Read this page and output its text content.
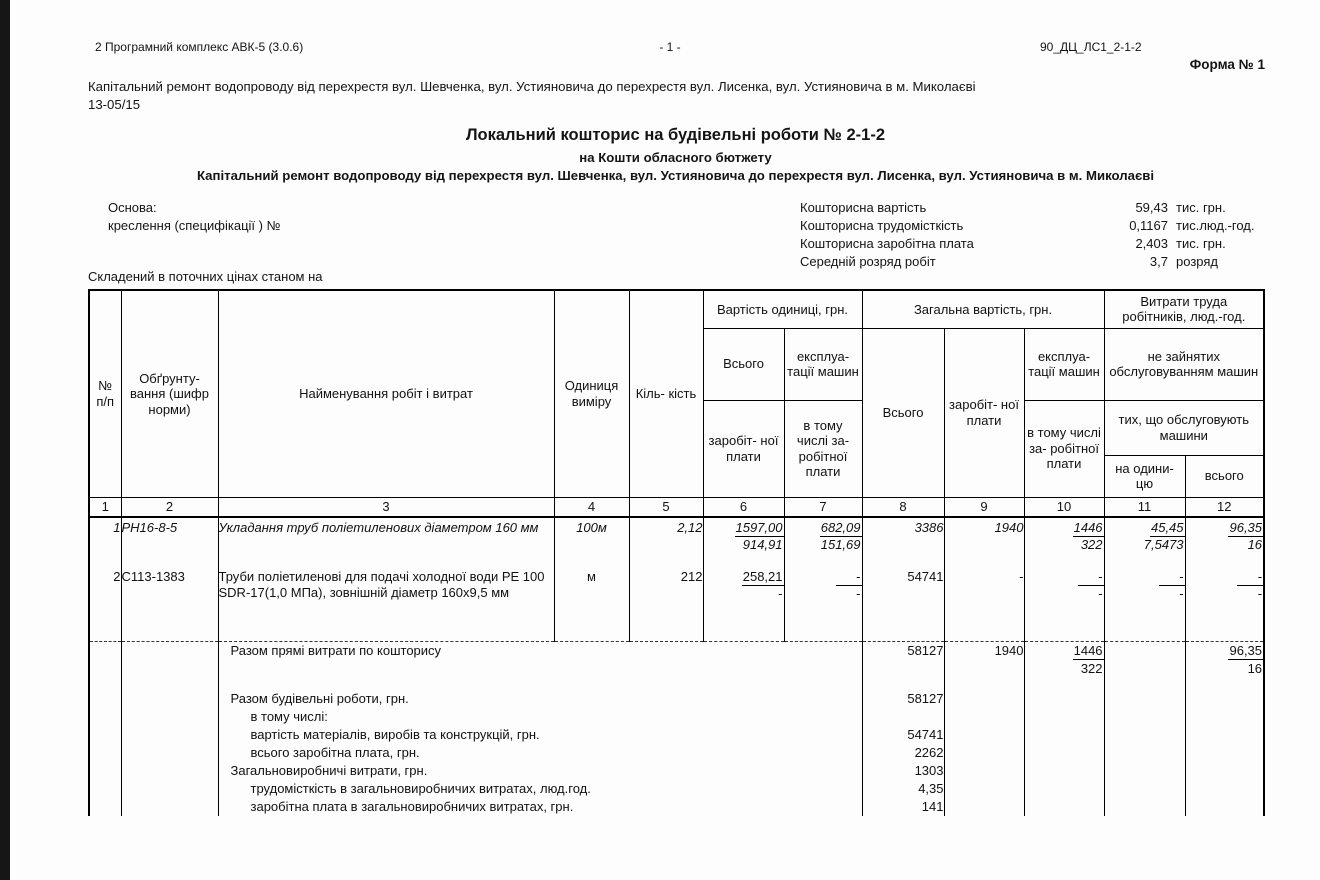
2 Програмний комплекс АВК-5 (3.0.6)	- 1 -	90_ДЦ_ЛС1_2-1-2
Форма № 1
Капітальний ремонт водопроводу від перехрестя вул. Шевченка, вул. Устияновича до перехрестя вул. Лисенка, вул. Устияновича в м. Миколаєві
13-05/15
Локальний кошторис на будівельні роботи № 2-1-2
на Кошти обласного бютжету
Капітальний ремонт водопроводу від перехрестя вул. Шевченка, вул. Устияновича до перехрестя вул. Лисенка, вул. Устияновича в м. Миколаєві
Основа:
креслення (специфікації ) №
Кошторисна вартість	59,43 тис. грн.
Кошторисна трудомісткість	0,1167 тис.люд.-год.
Кошторисна заробітна плата	2,403 тис. грн.
Середній розряд робіт	3,7 розряд
Складений в поточних цінах станом на
№ п/п	Обґрунту- вання (шифр норми)	Найменування робіт і витрат	Одиниця виміру	Кіль- кість	Вартість одиниці, грн.		Загальна вартість, грн.			Витрати труда робітників, люд.-год.	
					Всього	експлуа- тації машин	Всього	заробіт- ної плати	експлуа- тації машин	не зайнятих обслуговуванням машин	
					заробіт- ної плати	в тому числі за- робітної плати			в тому числі за- робітної плати	тих, що обслуговують машини	
										на одини- цю	всього
1	2	3	4	5	6	7	8	9	10	11	12
1	РН16-8-5	Укладання труб поліетиленових діаметром 160 мм	100м	2,12	$\frac{1597,00}{914,91}$	$\frac{682,09}{151,69}$	3386	1940	$\frac{1446}{322}$	$\frac{45,45}{7,5473}$	$\frac{96,35}{16}$

2	С113-1383	Труби поліетиленові для подачі холодної води PE 100 SDR-17(1,0 МПа), зовнішній діаметр 160x9,5 мм	м	212	$\frac{258,21}{-}$	$\frac{-}{-}$	54741	-	$\frac{-}{-}$	$\frac{-}{-}$	$\frac{-}{-}$

		Разом прямі витрати по кошторису					58127	1940	$\frac{1446}{322}$		$\frac{96,35}{16}$

		Разом будівельні роботи, грн.					58127				
		в тому числі:									
		вартість матеріалів, виробів та конструкцій, грн.					54741				
		всього заробітна плата, грн.					2262				
		Загальновиробничі витрати, грн.					1303				
		трудомісткість в загальновиробничих витратах, люд.год.					4,35				
		заробітна плата в загальновиробничих витратах, грн.					141				
